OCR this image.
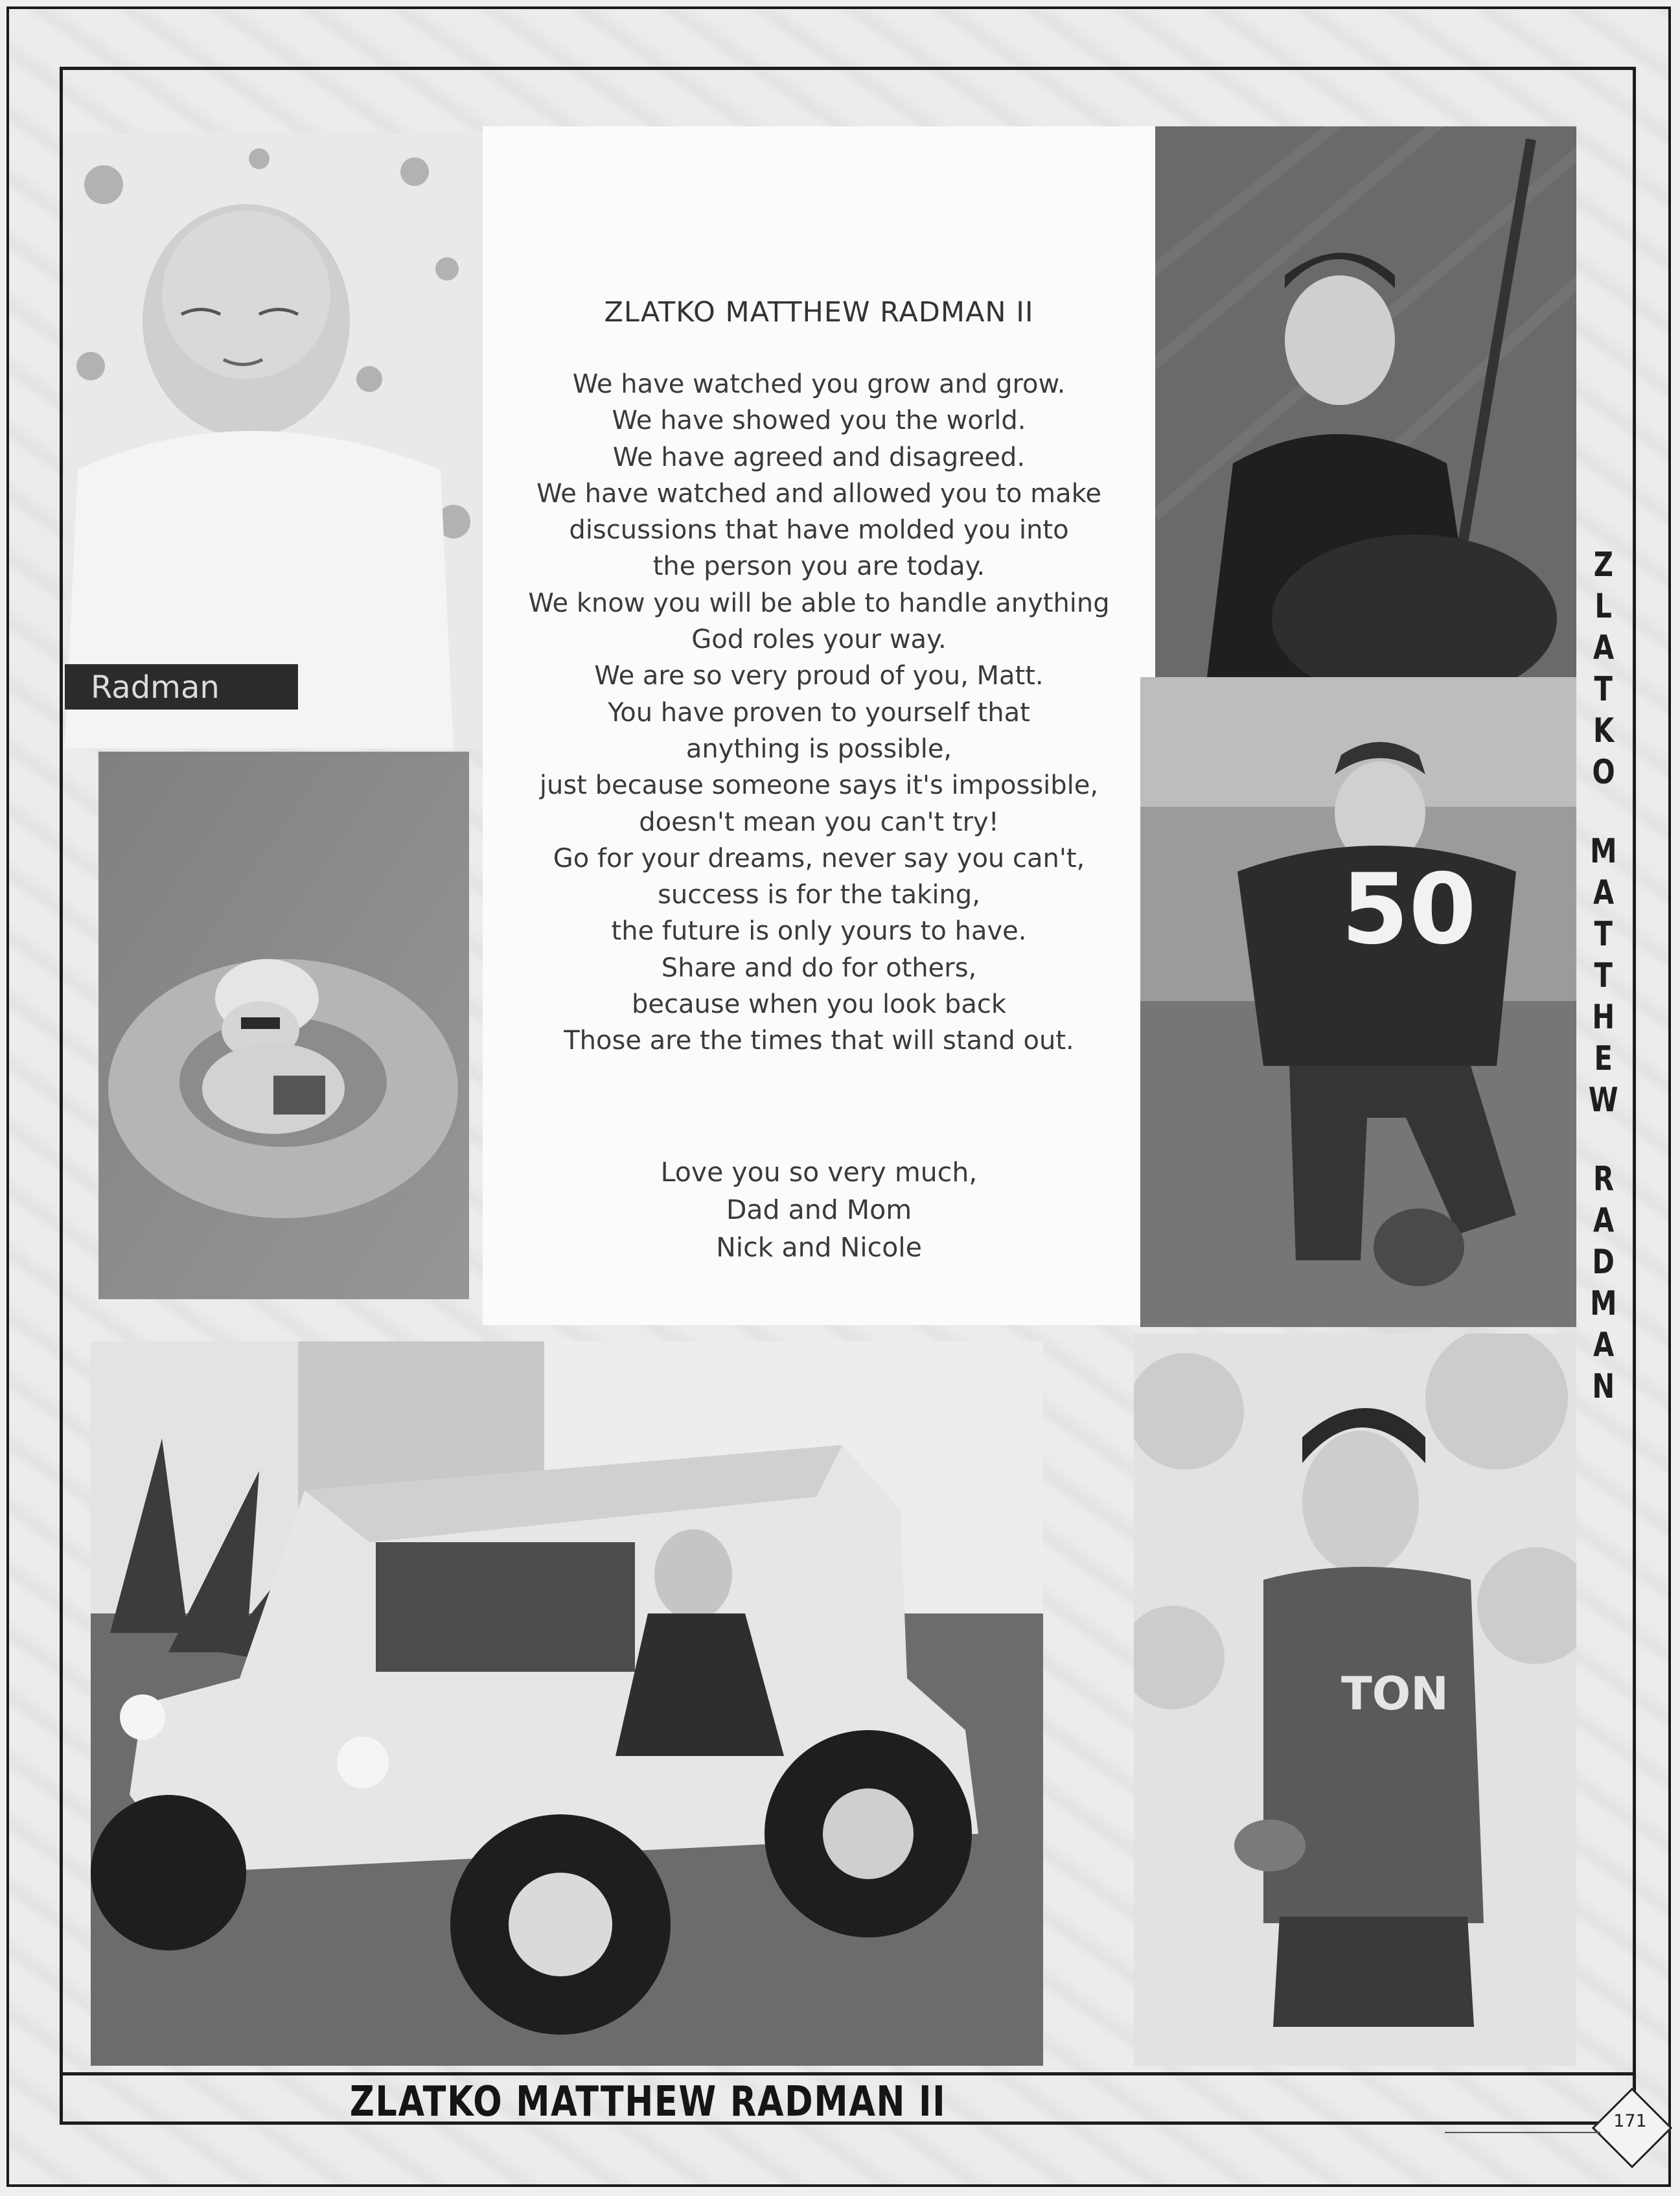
Radman
ZLATKO MATTHEW RADMAN II
We have watched you grow and grow.
We have showed you the world.
We have agreed and disagreed.
We have watched and allowed you to make
discussions that have molded you into
the person you are today.
We know you will be able to handle anything
God roles your way.
We are so very proud of you, Matt.
You have proven to yourself that
anything is possible,
just because someone says it's impossible,
doesn't mean you can't try!
Go for your dreams, never say you can't,
success is for the taking,
the future is only yours to have.
Share and do for others,
because when you look back
Those are the times that will stand out.
Love you so very much,
Dad and Mom
Nick and Nicole
50
TON
Z
L
A
T
K
O
M
A
T
T
H
E
W
R
A
D
M
A
N
ZLATKO MATTHEW RADMAN II	171
